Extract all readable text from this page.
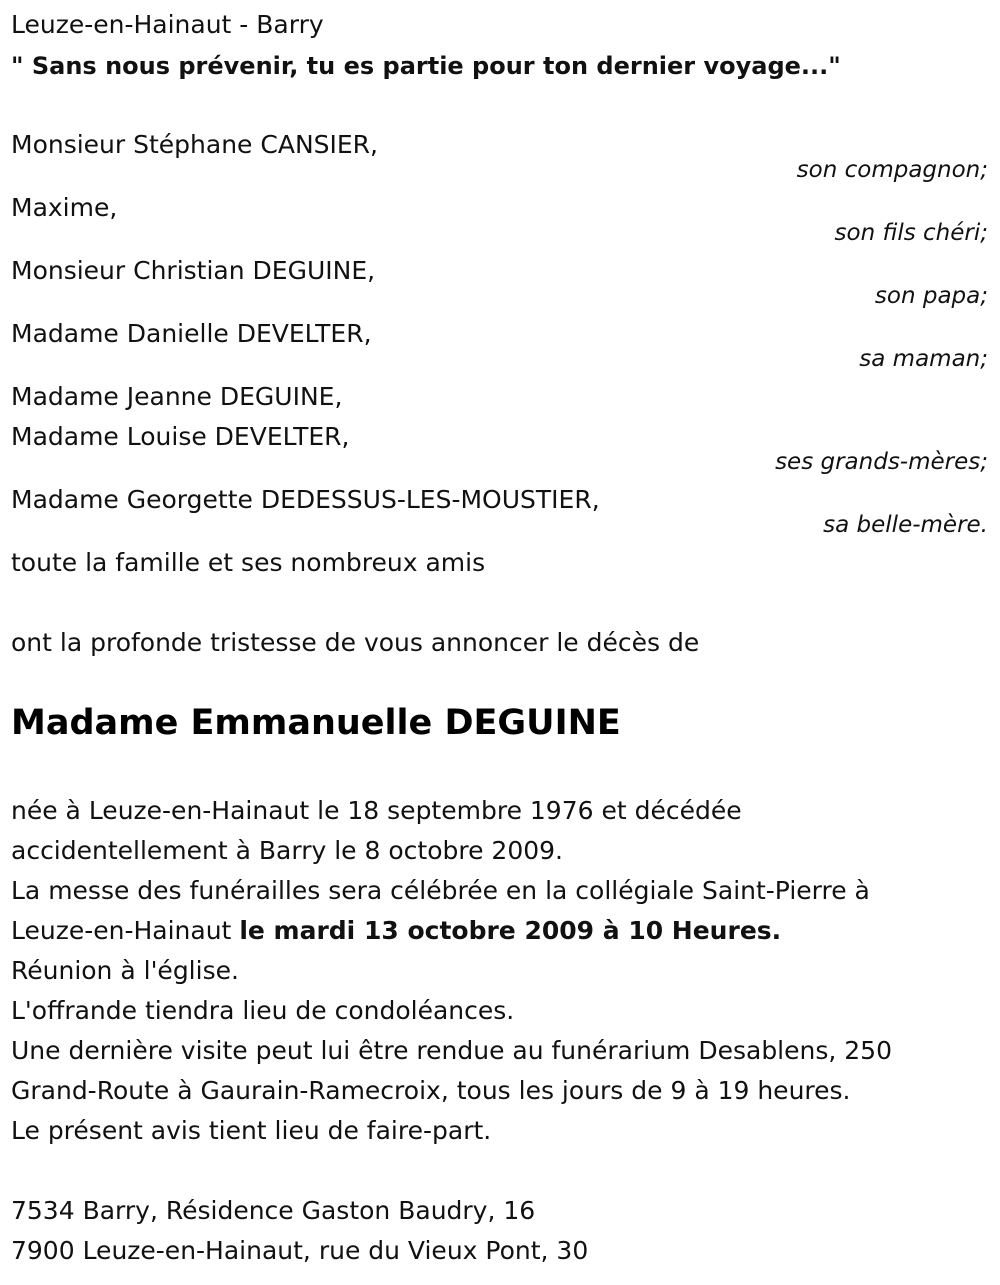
Leuze-en-Hainaut - Barry
" Sans nous prévenir, tu es partie pour ton dernier voyage..."
Monsieur Stéphane CANSIER,
son compagnon;
Maxime,
son fils chéri;
Monsieur Christian DEGUINE,
son papa;
Madame Danielle DEVELTER,
sa maman;
Madame Jeanne DEGUINE,
Madame Louise DEVELTER,
ses grands-mères;
Madame Georgette DEDESSUS-LES-MOUSTIER,
sa belle-mère.
toute la famille et ses nombreux amis
ont la profonde tristesse de vous annoncer le décès de
Madame Emmanuelle DEGUINE
née à Leuze-en-Hainaut le 18 septembre 1976 et décédée
accidentellement à Barry le 8 octobre 2009.
La messe des funérailles sera célébrée en la collégiale Saint-Pierre à
Leuze-en-Hainaut le mardi 13 octobre 2009 à 10 Heures.
Réunion à l'église.
L'offrande tiendra lieu de condoléances.
Une dernière visite peut lui être rendue au funérarium Desablens, 250
Grand-Route à Gaurain-Ramecroix, tous les jours de 9 à 19 heures.
Le présent avis tient lieu de faire-part.
7534 Barry, Résidence Gaston Baudry, 16
7900 Leuze-en-Hainaut, rue du Vieux Pont, 30
